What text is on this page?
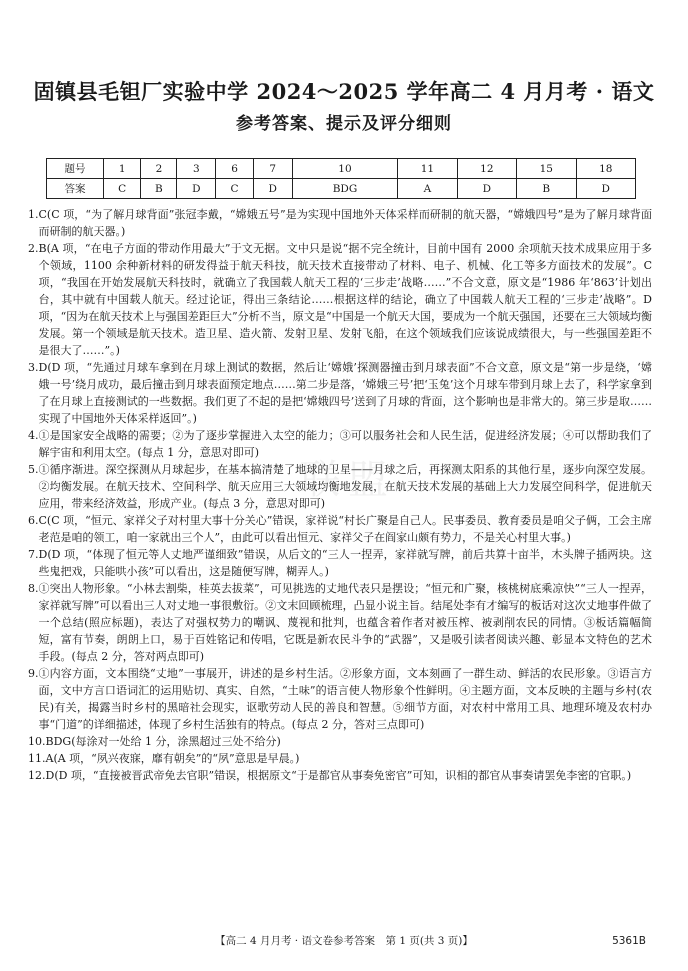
联盟
固镇县毛钽厂实验中学 2024～2025 学年高二 4 月月考 · 语文
参考答案、提示及评分细则
题号	1	2	3	6	7	10	11	12	15	18
答案	C	B	D	C	D	BDG	A	D	B	D
1. C(C 项，“为了解月球背面”张冠李戴，“嫦娥五号”是为实现中国地外天体采样而研制的航天器，“嫦娥四号”是为了解月球背面而研制的航天器。)
2. B(A 项，“在电子方面的带动作用最大”于文无据。文中只是说“据不完全统计，目前中国有 2000 余项航天技术成果应用于多个领域，1100 余种新材料的研发得益于航天科技，航天技术直接带动了材料、电子、机械、化工等多方面技术的发展”。C 项，“我国在开始发展航天科技时，就确立了我国载人航天工程的‘三步走’战略……”不合文意，原文是“1986 年‘863’计划出台，其中就有中国载人航天。经过论证，得出三条结论……根据这样的结论，确立了中国载人航天工程的‘三步走’战略”。D 项，“因为在航天技术上与强国差距巨大”分析不当，原文是“中国是一个航天大国，要成为一个航天强国，还要在三大领域均衡发展。第一个领域是航天技术。造卫星、造火箭、发射卫星、发射飞船，在这个领域我们应该说成绩很大，与一些强国差距不是很大了……”。)
3. D(D 项，“先通过月球车拿到在月球上测试的数据，然后让‘嫦娥’探测器撞击到月球表面”不合文意，原文是“第一步是绕，‘嫦娥一号’绕月成功，最后撞击到月球表面预定地点……第二步是落，‘嫦娥三号’把‘玉兔’这个月球车带到月球上去了，科学家拿到了在月球上直接测试的一些数据。我们更了不起的是把‘嫦娥四号’送到了月球的背面，这个影响也是非常大的。第三步是取……实现了中国地外天体采样返回”。)
4. ①是国家安全战略的需要；②为了逐步掌握进入太空的能力；③可以服务社会和人民生活，促进经济发展；④可以帮助我们了解宇宙和利用太空。(每点 1 分，意思对即可)
5. ①循序渐进。深空探测从月球起步，在基本搞清楚了地球的卫星——月球之后，再探测太阳系的其他行星，逐步向深空发展。②均衡发展。在航天技术、空间科学、航天应用三大领域均衡地发展，在航天技术发展的基础上大力发展空间科学，促进航天应用，带来经济效益，形成产业。(每点 3 分，意思对即可)
6. C(C 项，“恒元、家祥父子对村里大事十分关心”错误，家祥说“村长广聚是自己人。民事委员、教育委员是咱父子俩，工会主席老范是咱的领工，咱一家就出三个人”，由此可以看出恒元、家祥父子在阎家山颇有势力，不是关心村里大事。)
7. D(D 项，“体现了恒元等人丈地严谨细致”错误，从后文的“三人一捏弄，家祥就写牌，前后共算十亩半，木头牌子插两块。这些鬼把戏，只能哄小孩”可以看出，这是随便写牌，糊弄人。)
8. ①突出人物形象。“小林去割柴，桂英去拔菜”，可见挑选的丈地代表只是摆设；“恒元和广聚，核桃树底乘凉快”“三人一捏弄，家祥就写牌”可以看出三人对丈地一事很敷衍。②文末回顾梳理，凸显小说主旨。结尾处李有才编写的板话对这次丈地事件做了一个总结(照应标题)，表达了对强权势力的嘲讽、蔑视和批判，也蕴含着作者对被压榨、被剥削农民的同情。③板话篇幅简短，富有节奏，朗朗上口，易于百姓铭记和传唱，它既是新农民斗争的“武器”，又是吸引读者阅读兴趣、彰显本文特色的艺术手段。(每点 2 分，答对两点即可)
9. ①内容方面，文本围绕“丈地”一事展开，讲述的是乡村生活。②形象方面，文本刻画了一群生动、鲜活的农民形象。③语言方面，文中方言口语词汇的运用贴切、真实、自然，“土味”的语言使人物形象个性鲜明。④主题方面，文本反映的主题与乡村(农民)有关，揭露当时乡村的黑暗社会现实，讴歌劳动人民的善良和智慧。⑤细节方面，对农村中常用工具、地理环境及农村办事“门道”的详细描述，体现了乡村生活独有的特点。(每点 2 分，答对三点即可)
10. BDG(每涂对一处给 1 分，涂黑超过三处不给分)
11. A(A 项，“夙兴夜寐，靡有朝矣”的“夙”意思是早晨。)
12. D(D 项，“直接被晋武帝免去官职”错误，根据原文“于是都官从事奏免密官”可知，识相的都官从事奏请罢免李密的官职。)
【高二 4 月月考 · 语文卷参考答案　第 1 页(共 3 页)】	5361B
